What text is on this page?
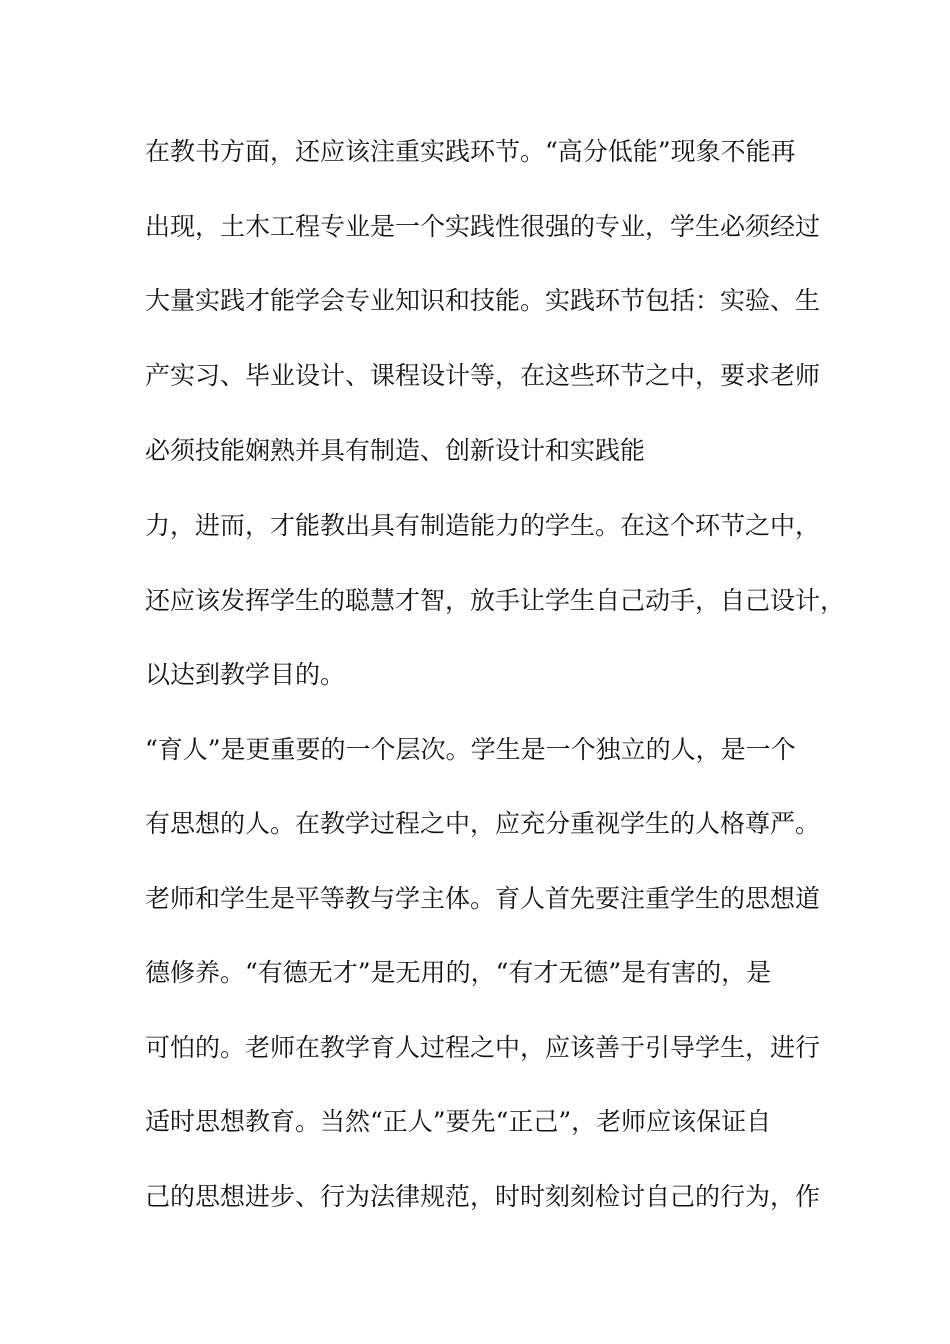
在教书方面，还应该注重实践环节。“高分低能”现象不能再

出现，土木工程专业是一个实践性很强的专业，学生必须经过

大量实践才能学会专业知识和技能。实践环节包括：实验、生

产实习、毕业设计、课程设计等，在这些环节之中，要求老师

必须技能娴熟并具有制造、创新设计和实践能

力，进而，才能教出具有制造能力的学生。在这个环节之中，

还应该发挥学生的聪慧才智，放手让学生自己动手，自己设计，

以达到教学目的。

“育人”是更重要的一个层次。学生是一个独立的人，是一个

有思想的人。在教学过程之中，应充分重视学生的人格尊严。

老师和学生是平等教与学主体。育人首先要注重学生的思想道

德修养。“有德无才”是无用的，“有才无德”是有害的，是

可怕的。老师在教学育人过程之中，应该善于引导学生，进行

适时思想教育。当然“正人”要先“正己”，老师应该保证自

己的思想进步、行为法律规范，时时刻刻检讨自己的行为，作
